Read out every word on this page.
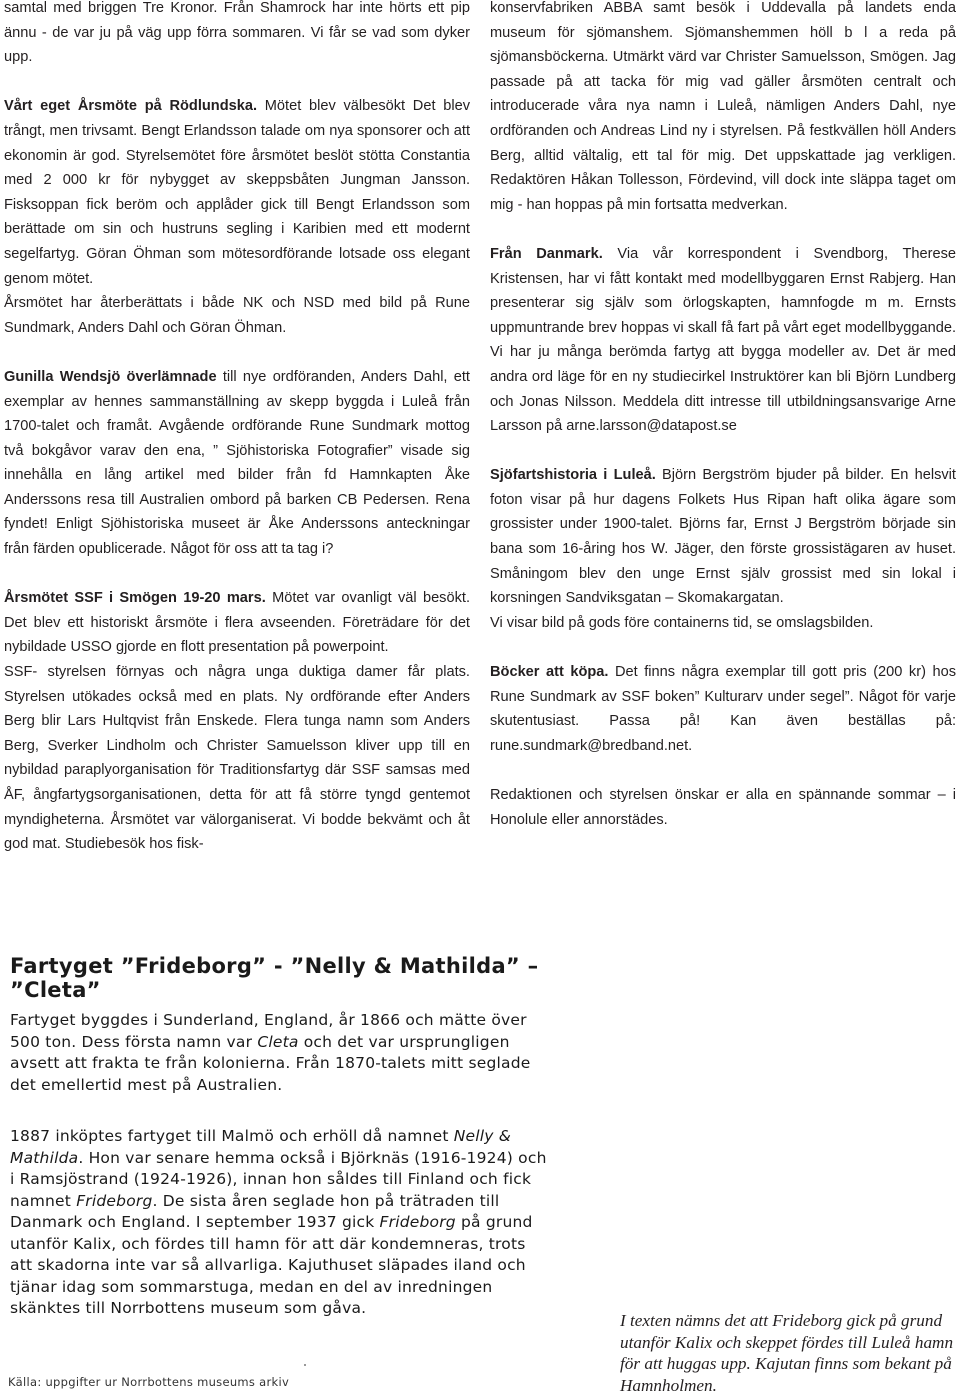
samtal med briggen Tre Kronor. Från Shamrock har inte hörts ett pip ännu - de var ju på väg upp förra sommaren. Vi får se vad som dyker upp.

Vårt eget Årsmöte på Rödlundska. Mötet blev välbesökt Det blev trångt, men trivsamt. Bengt Erlandsson talade om nya sponsorer och att ekonomin är god. Styrelsemötet före årsmötet beslöt stötta Constantia med 2 000 kr för nybygget av skeppsbåten Jungman Jansson. Fisksoppan fick beröm och applåder gick till Bengt Erlandsson som berättade om sin och hustruns segling i Karibien med ett modernt segelfartyg. Göran Öhman som mötesordförande lotsade oss elegant genom mötet.

Årsmötet har återberättats i både NK och NSD med bild på Rune Sundmark, Anders Dahl och Göran Öhman.

Gunilla Wendsjö överlämnade till nye ordföranden, Anders Dahl, ett exemplar av hennes sammanställning av skepp byggda i Luleå från 1700-talet och framåt. Avgående ordförande Rune Sundmark mottog två bokgåvor varav den ena, ” Sjöhistoriska Fotografier” visade sig innehålla en lång artikel med bilder från fd Hamnkapten Åke Anderssons resa till Australien ombord på barken CB Pedersen. Rena fyndet! Enligt Sjöhistoriska museet är Åke Anderssons anteckningar från färden opublicerade. Något för oss att ta tag i?

Årsmötet SSF i Smögen 19-20 mars. Mötet var ovanligt väl besökt. Det blev ett historiskt årsmöte i flera avseenden. Företrädare för det nybildade USSO gjorde en flott presentation på powerpoint.

SSF- styrelsen förnyas och några unga duktiga damer får plats. Styrelsen utökades också med en plats. Ny ordförande efter Anders Berg blir Lars Hultqvist från Enskede. Flera tunga namn som Anders Berg, Sverker Lindholm och Christer Samuelsson kliver upp till en nybildad paraplyorganisation för Traditionsfartyg där SSF samsas med ÅF, ångfartygsorganisationen, detta för att få större tyngd gentemot myndigheterna. Årsmötet var välorganiserat. Vi bodde bekvämt och åt god mat. Studiebesök hos fisk-

konservfabriken ABBA samt besök i Uddevalla på landets enda museum för sjömanshem. Sjömanshemmen höll b l a reda på sjömansböckerna. Utmärkt värd var Christer Samuelsson, Smögen. Jag passade på att tacka för mig vad gäller årsmöten centralt och introducerade våra nya namn i Luleå, nämligen Anders Dahl, nye ordföranden och Andreas Lind ny i styrelsen. På festkvällen höll Anders Berg, alltid vältalig, ett tal för mig. Det uppskattade jag verkligen. Redaktören Håkan Tollesson, Fördevind, vill dock inte släppa taget om mig - han hoppas på min fortsatta medverkan.

Från Danmark. Via vår korrespondent i Svendborg, Therese Kristensen, har vi fått kontakt med modellbyggaren Ernst Rabjerg. Han presenterar sig själv som örlogskapten, hamnfogde m m. Ernsts uppmuntrande brev hoppas vi skall få fart på vårt eget modellbyggande. Vi har ju många berömda fartyg att bygga modeller av. Det är med andra ord läge för en ny studiecirkel Instruktörer kan bli Björn Lundberg och Jonas Nilsson. Meddela ditt intresse till utbildningsansvarige Arne Larsson på arne.larsson@datapost.se

Sjöfartshistoria i Luleå. Björn Bergström bjuder på bilder. En helsvit foton visar på hur dagens Folkets Hus Ripan haft olika ägare som grossister under 1900-talet. Björns far, Ernst J Bergström började sin bana som 16-åring hos W. Jäger, den förste grossistägaren av huset. Småningom blev den unge Ernst själv grossist med sin lokal i korsningen Sandviksgatan – Skomakargatan.

Vi visar bild på gods före containerns tid, se omslagsbilden.

Böcker att köpa. Det finns några exemplar till gott pris (200 kr) hos Rune Sundmark av SSF boken” Kulturarv under segel”. Något för varje skutentusiast. Passa på! Kan även beställas på: rune.sundmark@bredband.net.

Redaktionen och styrelsen önskar er alla en spännande sommar – i Honolule eller annorstädes.

Fartyget ”Frideborg” - ”Nelly & Mathilda” – ”Cleta”
Fartyget byggdes i Sunderland, England, år 1866 och mätte över 500 ton. Dess första namn var Cleta och det var ursprungligen avsett att frakta te från kolonierna. Från 1870-talets mitt seglade det emellertid mest på Australien.
1887 inköptes fartyget till Malmö och erhöll då namnet Nelly & Mathilda. Hon var senare hemma också i Björknäs (1916-1924) och i Ramsjöstrand (1924-1926), innan hon såldes till Finland och fick namnet Frideborg. De sista åren seglade hon på trätraden till Danmark och England. I september 1937 gick Frideborg på grund utanför Kalix, och fördes till hamn för att där kondemneras, trots att skadorna inte var så allvarliga. Kajuthuset släpades iland och tjänar idag som sommarstuga, medan en del av inredningen skänktes till Norrbottens museum som gåva.
Källa: uppgifter ur Norrbottens museums arkiv
I texten nämns det att Frideborg gick på grund utanför Kalix och skeppet fördes till Luleå hamn för att huggas upp. Kajutan finns som bekant på Hamnholmen.
